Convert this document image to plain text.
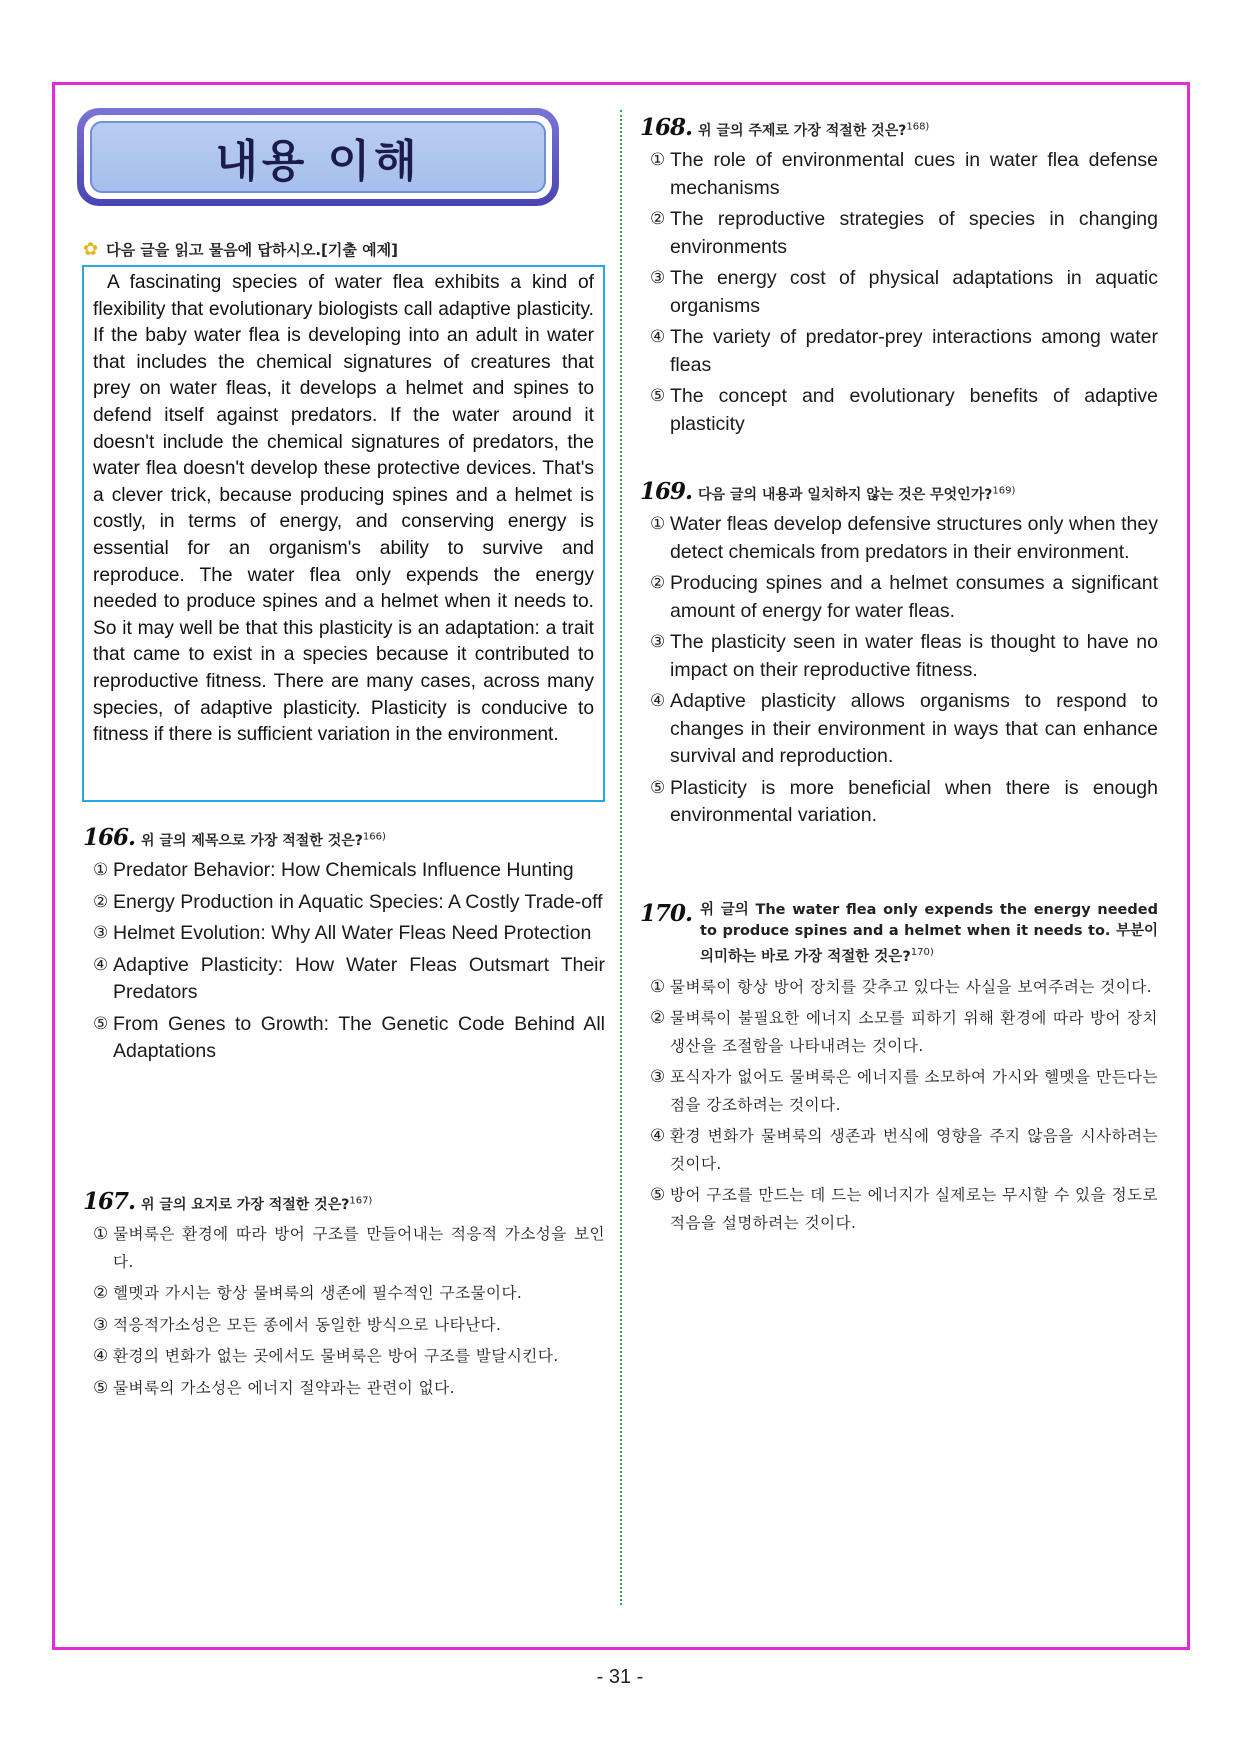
내용 이해
✿ 다음 글을 읽고 물음에 답하시오.[기출 예제]
A fascinating species of water flea exhibits a kind of flexibility that evolutionary biologists call adaptive plasticity. If the baby water flea is developing into an adult in water that includes the chemical signatures of creatures that prey on water fleas, it develops a helmet and spines to defend itself against predators. If the water around it doesn't include the chemical signatures of predators, the water flea doesn't develop these protective devices. That's a clever trick, because producing spines and a helmet is costly, in terms of energy, and conserving energy is essential for an organism's ability to survive and reproduce. The water flea only expends the energy needed to produce spines and a helmet when it needs to. So it may well be that this plasticity is an adaptation: a trait that came to exist in a species because it contributed to reproductive fitness. There are many cases, across many species, of adaptive plasticity. Plasticity is conducive to fitness if there is sufficient variation in the environment.
166. 위 글의 제목으로 가장 적절한 것은?$^{166)}$
① Predator Behavior: How Chemicals Influence Hunting
② Energy Production in Aquatic Species: A Costly Trade-off
③ Helmet Evolution: Why All Water Fleas Need Protection
④ Adaptive Plasticity: How Water Fleas Outsmart Their Predators
⑤ From Genes to Growth: The Genetic Code Behind All Adaptations
167. 위 글의 요지로 가장 적절한 것은?$^{167)}$
① 물벼룩은 환경에 따라 방어 구조를 만들어내는 적응적 가소성을 보인다.
② 헬멧과 가시는 항상 물벼룩의 생존에 필수적인 구조물이다.
③ 적응적가소성은 모든 종에서 동일한 방식으로 나타난다.
④ 환경의 변화가 없는 곳에서도 물벼룩은 방어 구조를 발달시킨다.
⑤ 물벼룩의 가소성은 에너지 절약과는 관련이 없다.
168. 위 글의 주제로 가장 적절한 것은?$^{168)}$
① The role of environmental cues in water flea defense mechanisms
② The reproductive strategies of species in changing environments
③ The energy cost of physical adaptations in aquatic organisms
④ The variety of predator-prey interactions among water fleas
⑤ The concept and evolutionary benefits of adaptive plasticity
169. 다음 글의 내용과 일치하지 않는 것은 무엇인가?$^{169)}$
① Water fleas develop defensive structures only when they detect chemicals from predators in their environment.
② Producing spines and a helmet consumes a significant amount of energy for water fleas.
③ The plasticity seen in water fleas is thought to have no impact on their reproductive fitness.
④ Adaptive plasticity allows organisms to respond to changes in their environment in ways that can enhance survival and reproduction.
⑤ Plasticity is more beneficial when there is enough environmental variation.
170. 위 글의 The water flea only expends the energy needed to produce spines and a helmet when it needs to. 부분이 의미하는 바로 가장 적절한 것은?$^{170)}$
① 물벼룩이 항상 방어 장치를 갖추고 있다는 사실을 보여주려는 것이다.
② 물벼룩이 불필요한 에너지 소모를 피하기 위해 환경에 따라 방어 장치 생산을 조절함을 나타내려는 것이다.
③ 포식자가 없어도 물벼룩은 에너지를 소모하여 가시와 헬멧을 만든다는 점을 강조하려는 것이다.
④ 환경 변화가 물벼룩의 생존과 번식에 영향을 주지 않음을 시사하려는 것이다.
⑤ 방어 구조를 만드는 데 드는 에너지가 실제로는 무시할 수 있을 정도로 적음을 설명하려는 것이다.
- 31 -
